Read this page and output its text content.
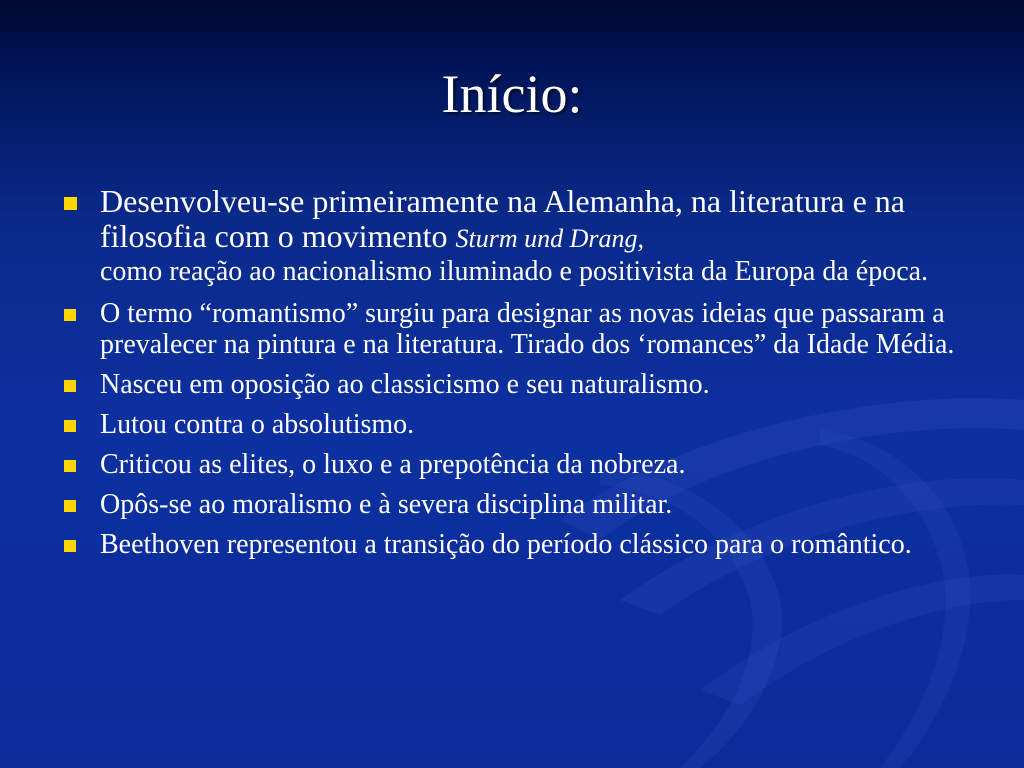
Início:
Desenvolveu-se primeiramente na Alemanha, na literatura e na filosofia com o movimento Sturm und Drang,
como reação ao nacionalismo iluminado e positivista da Europa da época.
O termo “romantismo” surgiu para designar as novas ideias que passaram a prevalecer na pintura e na literatura. Tirado dos ‘romances” da Idade Média.
Nasceu em oposição ao classicismo e seu naturalismo.
Lutou contra o absolutismo.
Criticou as elites, o luxo e a prepotência da nobreza.
Opôs-se ao moralismo e à severa disciplina militar.
Beethoven representou a transição do período clássico para o romântico.
